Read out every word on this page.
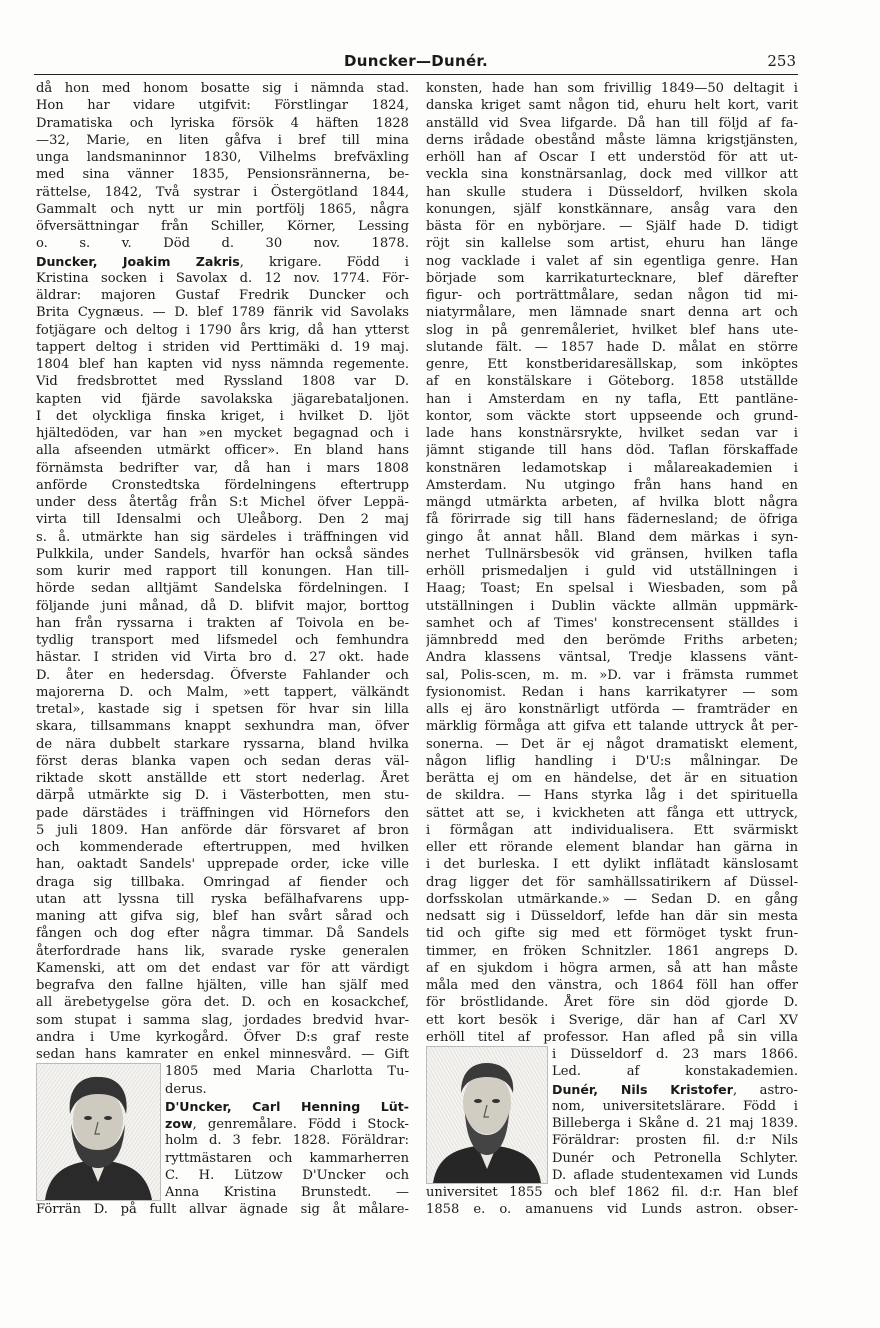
Duncker—Dunér.	253
då hon med honom bosatte sig i nämnda stad.
Hon har vidare utgifvit: Förstlingar 1824,
Dramatiska och lyriska försök 4 häften 1828
—32, Marie, en liten gåfva i bref till mina
unga landsmaninnor 1830, Vilhelms brefväxling
med sina vänner 1835, Pensionsrännerna, be-
rättelse, 1842, Två systrar i Östergötland 1844,
Gammalt och nytt ur min portfölj 1865, några
öfversättningar från Schiller, Körner, Lessing
o. s. v. Död d. 30 nov. 1878.
Duncker, Joakim Zakris, krigare. Född i
Kristina socken i Savolax d. 12 nov. 1774. För-
äldrar: majoren Gustaf Fredrik Duncker och
Brita Cygnæus. — D. blef 1789 fänrik vid Savolaks
fotjägare och deltog i 1790 års krig, då han ytterst
tappert deltog i striden vid Perttimäki d. 19 maj.
1804 blef han kapten vid nyss nämnda regemente.
Vid fredsbrottet med Ryssland 1808 var D.
kapten vid fjärde savolakska jägarebataljonen.
I det olyckliga finska kriget, i hvilket D. ljöt
hjältedöden, var han »en mycket begagnad och i
alla afseenden utmärkt officer». En bland hans
förnämsta bedrifter var, då han i mars 1808
anförde Cronstedtska fördelningens eftertrupp
under dess återtåg från S:t Michel öfver Leppä-
virta till Idensalmi och Uleåborg. Den 2 maj
s. å. utmärkte han sig särdeles i träffningen vid
Pulkkila, under Sandels, hvarför han också sändes
som kurir med rapport till konungen. Han till-
hörde sedan alltjämt Sandelska fördelningen. I
följande juni månad, då D. blifvit major, borttog
han från ryssarna i trakten af Toivola en be-
tydlig transport med lifsmedel och femhundra
hästar. I striden vid Virta bro d. 27 okt. hade
D. åter en hedersdag. Öfverste Fahlander och
majorerna D. och Malm, »ett tappert, välkändt
tretal», kastade sig i spetsen för hvar sin lilla
skara, tillsammans knappt sexhundra man, öfver
de nära dubbelt starkare ryssarna, bland hvilka
först deras blanka vapen och sedan deras väl-
riktade skott anställde ett stort nederlag. Året
därpå utmärkte sig D. i Västerbotten, men stu-
pade därstädes i träffningen vid Hörnefors den
5 juli 1809. Han anförde där försvaret af bron
och kommenderade eftertruppen, med hvilken
han, oaktadt Sandels' upprepade order, icke ville
draga sig tillbaka. Omringad af fiender och
utan att lyssna till ryska befälhafvarens upp-
maning att gifva sig, blef han svårt sårad och
fången och dog efter några timmar. Då Sandels
återfordrade hans lik, svarade ryske generalen
Kamenski, att om det endast var för att värdigt
begrafva den fallne hjälten, ville han själf med
all ärebetygelse göra det. D. och en kosackchef,
som stupat i samma slag, jordades bredvid hvar-
andra i Ume kyrkogård. Öfver D:s graf reste
sedan hans kamrater en enkel minnesvård. — Gift
1805 med Maria Charlotta Tu-
derus.
D'Uncker, Carl Henning Lüt-
zow, genremålare. Född i Stock-
holm d. 3 febr. 1828. Föräldrar:
ryttmästaren och kammarherren
C. H. Lützow D'Uncker och
Anna Kristina Brunstedt. —
Förrän D. på fullt allvar ägnade sig åt målare-
konsten, hade han som frivillig 1849—50 deltagit i
danska kriget samt någon tid, ehuru helt kort, varit
anställd vid Svea lifgarde. Då han till följd af fa-
derns irådade obestånd måste lämna krigstjänsten,
erhöll han af Oscar I ett understöd för att ut-
veckla sina konstnärsanlag, dock med villkor att
han skulle studera i Düsseldorf, hvilken skola
konungen, själf konstkännare, ansåg vara den
bästa för en nybörjare. — Själf hade D. tidigt
röjt sin kallelse som artist, ehuru han länge
nog vacklade i valet af sin egentliga genre. Han
började som karrikaturtecknare, blef därefter
figur- och porträttmålare, sedan någon tid mi-
niatyrmålare, men lämnade snart denna art och
slog in på genremåleriet, hvilket blef hans ute-
slutande fält. — 1857 hade D. målat en större
genre, Ett konstberidaresällskap, som inköptes
af en konstälskare i Göteborg. 1858 utställde
han i Amsterdam en ny tafla, Ett pantläne-
kontor, som väckte stort uppseende och grund-
lade hans konstnärsrykte, hvilket sedan var i
jämnt stigande till hans död. Taflan förskaffade
konstnären ledamotskap i målareakademien i
Amsterdam. Nu utgingo från hans hand en
mängd utmärkta arbeten, af hvilka blott några
få förirrade sig till hans fädernesland; de öfriga
gingo åt annat håll. Bland dem märkas i syn-
nerhet Tullnärsbesök vid gränsen, hvilken tafla
erhöll prismedaljen i guld vid utställningen i
Haag; Toast; En spelsal i Wiesbaden, som på
utställningen i Dublin väckte allmän uppmärk-
samhet och af Times' konstrecensent ställdes i
jämnbredd med den berömde Friths arbeten;
Andra klassens väntsal, Tredje klassens vänt-
sal, Polis-scen, m. m. »D. var i främsta rummet
fysionomist. Redan i hans karrikatyrer — som
alls ej äro konstnärligt utförda — framträder en
märklig förmåga att gifva ett talande uttryck åt per-
sonerna. — Det är ej något dramatiskt element,
någon liflig handling i D'U:s målningar. De
berätta ej om en händelse, det är en situation
de skildra. — Hans styrka låg i det spirituella
sättet att se, i kvickheten att fånga ett uttryck,
i förmågan att individualisera. Ett svärmiskt
eller ett rörande element blandar han gärna in
i det burleska. I ett dylikt inflätadt känslosamt
drag ligger det för samhällssatirikern af Düssel-
dorfsskolan utmärkande.» — Sedan D. en gång
nedsatt sig i Düsseldorf, lefde han där sin mesta
tid och gifte sig med ett förmöget tyskt frun-
timmer, en fröken Schnitzler. 1861 angreps D.
af en sjukdom i högra armen, så att han måste
måla med den vänstra, och 1864 föll han offer
för bröstlidande. Året före sin död gjorde D.
ett kort besök i Sverige, där han af Carl XV
erhöll titel af professor. Han afled på sin villa
i Düsseldorf d. 23 mars 1866.
Led. af konstakademien.
Dunér, Nils Kristofer, astro-
nom, universitetslärare. Född i
Billeberga i Skåne d. 21 maj 1839.
Föräldrar: prosten fil. d:r Nils
Dunér och Petronella Schlyter.
D. aflade studentexamen vid Lunds
universitet 1855 och blef 1862 fil. d:r. Han blef
1858 e. o. amanuens vid Lunds astron. obser-
